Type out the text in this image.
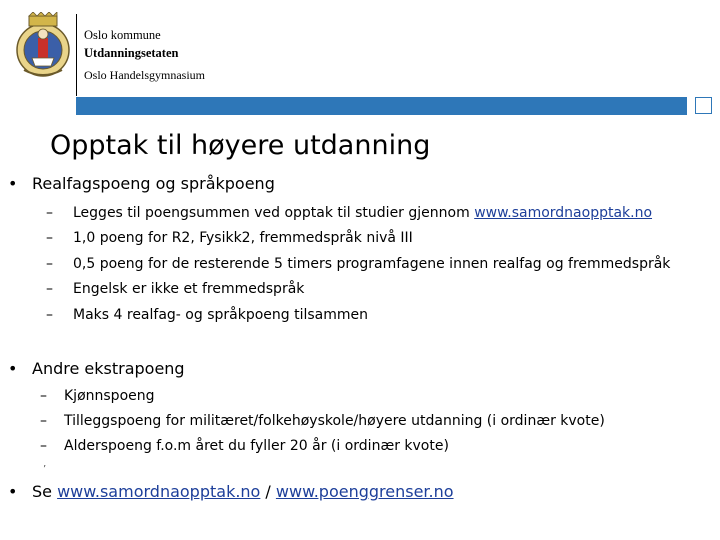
Oslo kommune
Utdanningsetaten
Oslo Handelsgymnasium
Opptak til høyere utdanning
• Realfagspoeng og språkpoeng
– Legges til poengsummen ved opptak til studier gjennom www.samordnaopptak.no
– 1,0 poeng for R2, Fysikk2, fremmedspråk nivå III
– 0,5 poeng for de resterende 5 timers programfagene innen realfag og fremmedspråk
– Engelsk er ikke et fremmedspråk
– Maks 4 realfag- og språkpoeng tilsammen
• Andre ekstrapoeng
– Kjønnspoeng
– Tilleggspoeng for militæret/folkehøyskole/høyere utdanning (i ordinær kvote)
– Alderspoeng f.o.m året du fyller 20 år (i ordinær kvote)
’
• Se www.samordnaopptak.no / www.poenggrenser.no
